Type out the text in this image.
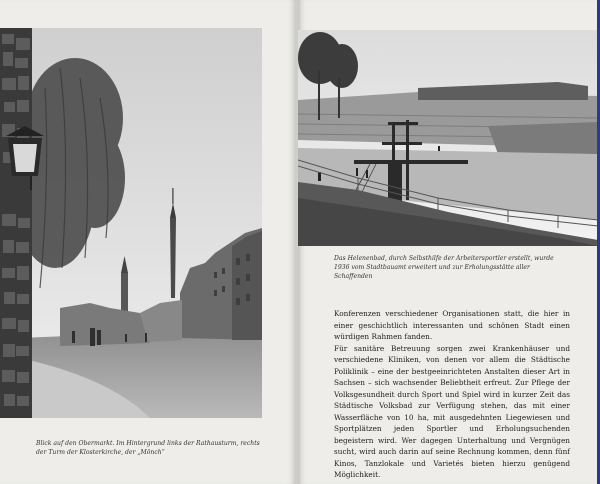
Blick auf den Obermarkt. Im Hintergrund links der Rathausturm, rechts der Turm der Klosterkirche, der „Mönch“

Das Helenenbad, durch Selbsthilfe der Arbeitersportler erstellt, wurde 1936 vom Stadtbauamt erweitert und zur Erholungsstätte aller Schaffenden

Konferenzen verschiedener Organisationen statt, die hier in einer geschichtlich interessanten und schönen Stadt einen würdigen Rahmen fanden.

Für sanitäre Betreuung sorgen zwei Krankenhäuser und verschiedene Kliniken, von denen vor allem die Städtische Poliklinik – eine der bestgeeinrichteten Anstalten dieser Art in Sachsen – sich wachsender Beliebtheit erfreut. Zur Pflege der Volksgesundheit durch Sport und Spiel wird in kurzer Zeit das Städtische Volksbad zur Verfügung stehen, das mit einer Wasserfläche von 10 ha, mit ausgedehnten Liegewiesen und Sportplätzen jeden Sportler und Erholungsuchenden begeistern wird. Wer dagegen Unterhaltung und Vergnügen sucht, wird auch darin auf seine Rechnung kommen, denn fünf Kinos, Tanzlokale und Varietés bieten hierzu genügend Möglichkeit.
